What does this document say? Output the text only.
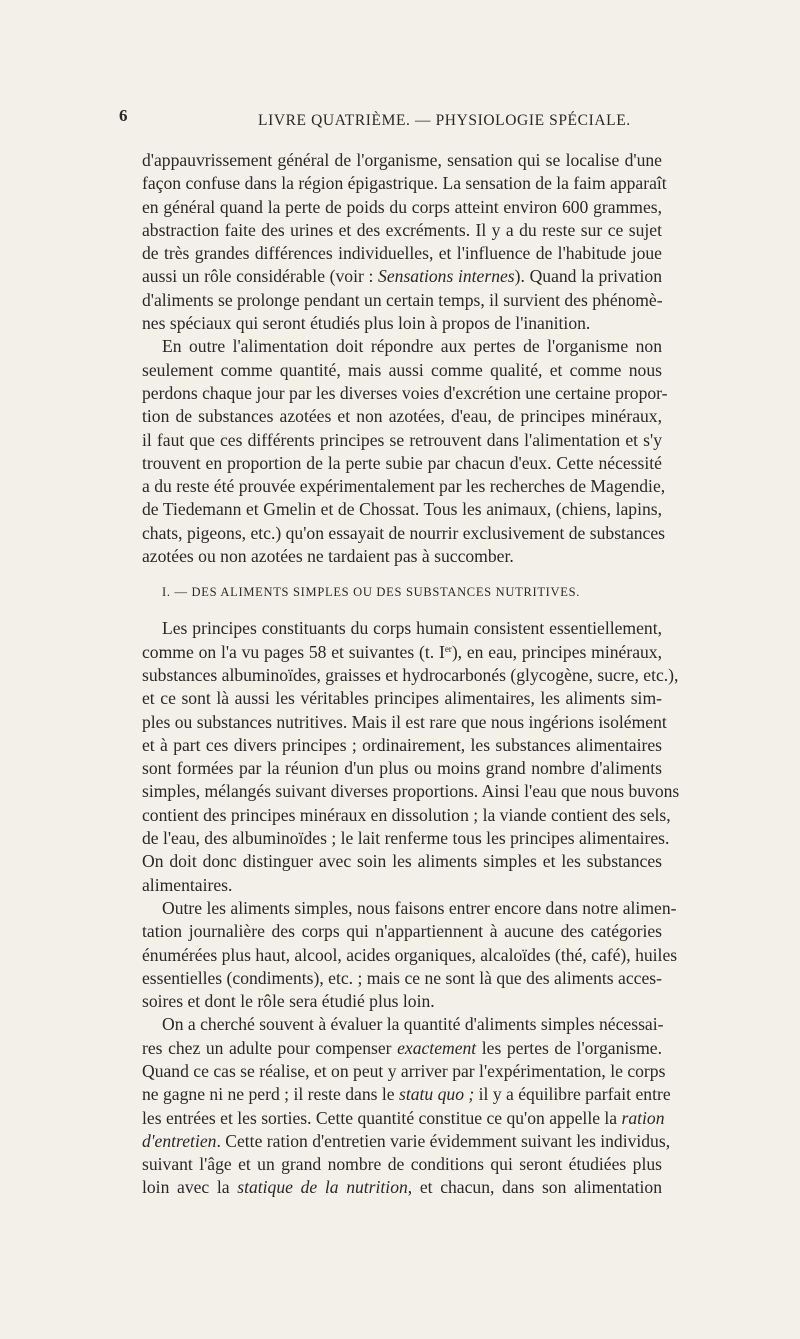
6	LIVRE QUATRIÈME. — PHYSIOLOGIE SPÉCIALE.
d'appauvrissement général de l'organisme, sensation qui se localise d'une
façon confuse dans la région épigastrique. La sensation de la faim apparaît
en général quand la perte de poids du corps atteint environ 600 grammes,
abstraction faite des urines et des excréments. Il y a du reste sur ce sujet
de très grandes différences individuelles, et l'influence de l'habitude joue
aussi un rôle considérable (voir : Sensations internes). Quand la privation
d'aliments se prolonge pendant un certain temps, il survient des phénomè-
nes spéciaux qui seront étudiés plus loin à propos de l'inanition.
En outre l'alimentation doit répondre aux pertes de l'organisme non
seulement comme quantité, mais aussi comme qualité, et comme nous
perdons chaque jour par les diverses voies d'excrétion une certaine propor-
tion de substances azotées et non azotées, d'eau, de principes minéraux,
il faut que ces différents principes se retrouvent dans l'alimentation et s'y
trouvent en proportion de la perte subie par chacun d'eux. Cette nécessité
a du reste été prouvée expérimentalement par les recherches de Magendie,
de Tiedemann et Gmelin et de Chossat. Tous les animaux, (chiens, lapins,
chats, pigeons, etc.) qu'on essayait de nourrir exclusivement de substances
azotées ou non azotées ne tardaient pas à succomber.
I. — DES ALIMENTS SIMPLES OU DES SUBSTANCES NUTRITIVES.
Les principes constituants du corps humain consistent essentiellement,
comme on l'a vu pages 58 et suivantes (t. Ier), en eau, principes minéraux,
substances albuminoïdes, graisses et hydrocarbonés (glycogène, sucre, etc.),
et ce sont là aussi les véritables principes alimentaires, les aliments sim-
ples ou substances nutritives. Mais il est rare que nous ingérions isolément
et à part ces divers principes ; ordinairement, les substances alimentaires
sont formées par la réunion d'un plus ou moins grand nombre d'aliments
simples, mélangés suivant diverses proportions. Ainsi l'eau que nous buvons
contient des principes minéraux en dissolution ; la viande contient des sels,
de l'eau, des albuminoïdes ; le lait renferme tous les principes alimentaires.
On doit donc distinguer avec soin les aliments simples et les substances
alimentaires.
Outre les aliments simples, nous faisons entrer encore dans notre alimen-
tation journalière des corps qui n'appartiennent à aucune des catégories
énumérées plus haut, alcool, acides organiques, alcaloïdes (thé, café), huiles
essentielles (condiments), etc. ; mais ce ne sont là que des aliments acces-
soires et dont le rôle sera étudié plus loin.
On a cherché souvent à évaluer la quantité d'aliments simples nécessai-
res chez un adulte pour compenser exactement les pertes de l'organisme.
Quand ce cas se réalise, et on peut y arriver par l'expérimentation, le corps
ne gagne ni ne perd ; il reste dans le statu quo ; il y a équilibre parfait entre
les entrées et les sorties. Cette quantité constitue ce qu'on appelle la ration
d'entretien. Cette ration d'entretien varie évidemment suivant les individus,
suivant l'âge et un grand nombre de conditions qui seront étudiées plus
loin avec la statique de la nutrition, et chacun, dans son alimentation
